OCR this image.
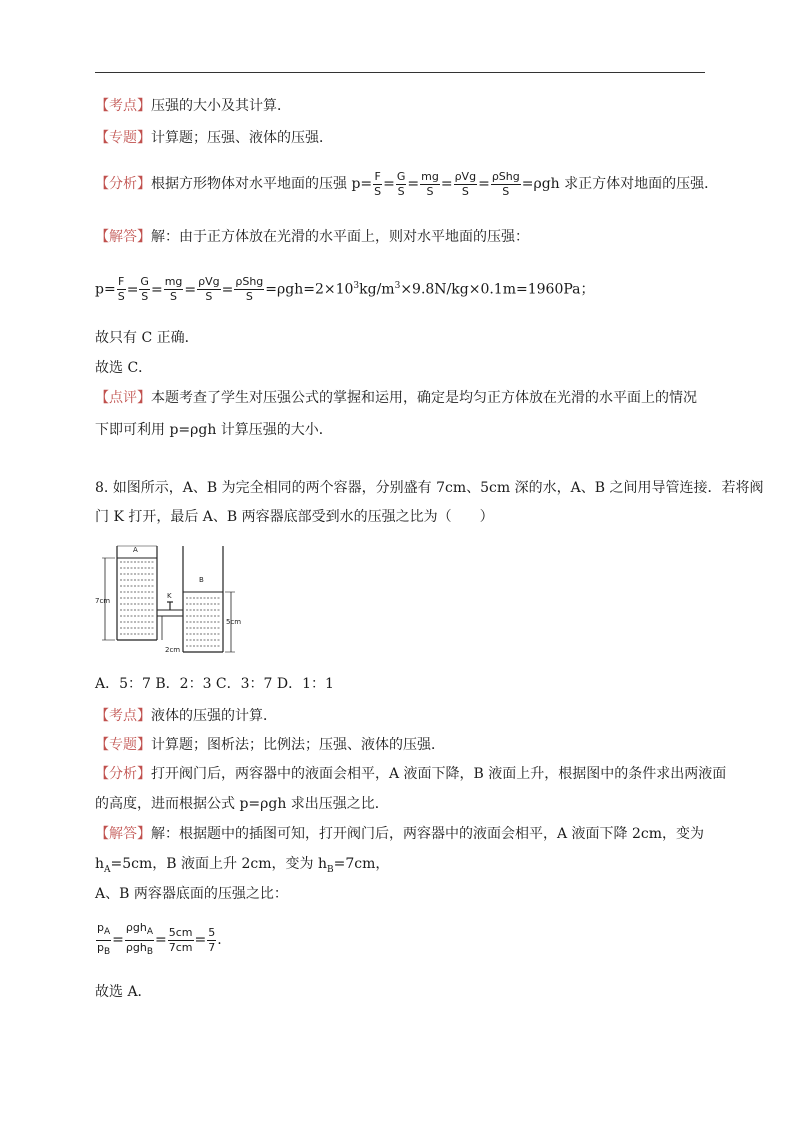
【考点】压强的大小及其计算．
【专题】计算题；压强、液体的压强．
【分析】根据方形物体对水平地面的压强 $p= \frac{F}{S} = \frac{G}{S} = \frac{mg}{S} = \frac{\text{ρVg}}{S} = \frac{\text{ρShg}}{S} =\rho gh$ 求正方体对地面的压强．
【解答】解：由于正方体放在光滑的水平面上，则对水平地面的压强：
$p= \frac{F}{S} = \frac{G}{S} = \frac{mg}{S} = \frac{\text{ρVg}}{S} = \frac{\text{ρShg}}{S} =\rho gh=2\times 10^3kg/m^3\times 9.8N/kg\times 0.1m=1960Pa$；
故只有 C 正确．
故选 C．
【点评】本题考查了学生对压强公式的掌握和运用，确定是均匀正方体放在光滑的水平面上的情况
下即可利用 p=ρgh 计算压强的大小．
8. 如图所示，A、B 为完全相同的两个容器，分别盛有 7cm、5cm 深的水，A、B 之间用导管连接．若将阀
门 K 打开，最后 A、B 两容器底部受到水的压强之比为（　　）
A
B
K
7cm
5cm
2cm
A．5：7 B．2：3 C．3：7 D．1：1
【考点】液体的压强的计算．
【专题】计算题；图析法；比例法；压强、液体的压强．
【分析】打开阀门后，两容器中的液面会相平，A 液面下降，B 液面上升，根据图中的条件求出两液面
的高度，进而根据公式 p=ρgh 求出压强之比．
【解答】解：根据题中的插图可知，打开阀门后，两容器中的液面会相平，A 液面下降 2cm，变为
$h_A=5cm$，B 液面上升 2cm，变为 $h_B=7cm$，
A、B 两容器底面的压强之比：
$\frac{p_A}{p_B} = \frac{\rho gh_A}{\rho gh_B} = \frac{5cm}{7cm} = \frac{5}{7}$ .
故选 A．
